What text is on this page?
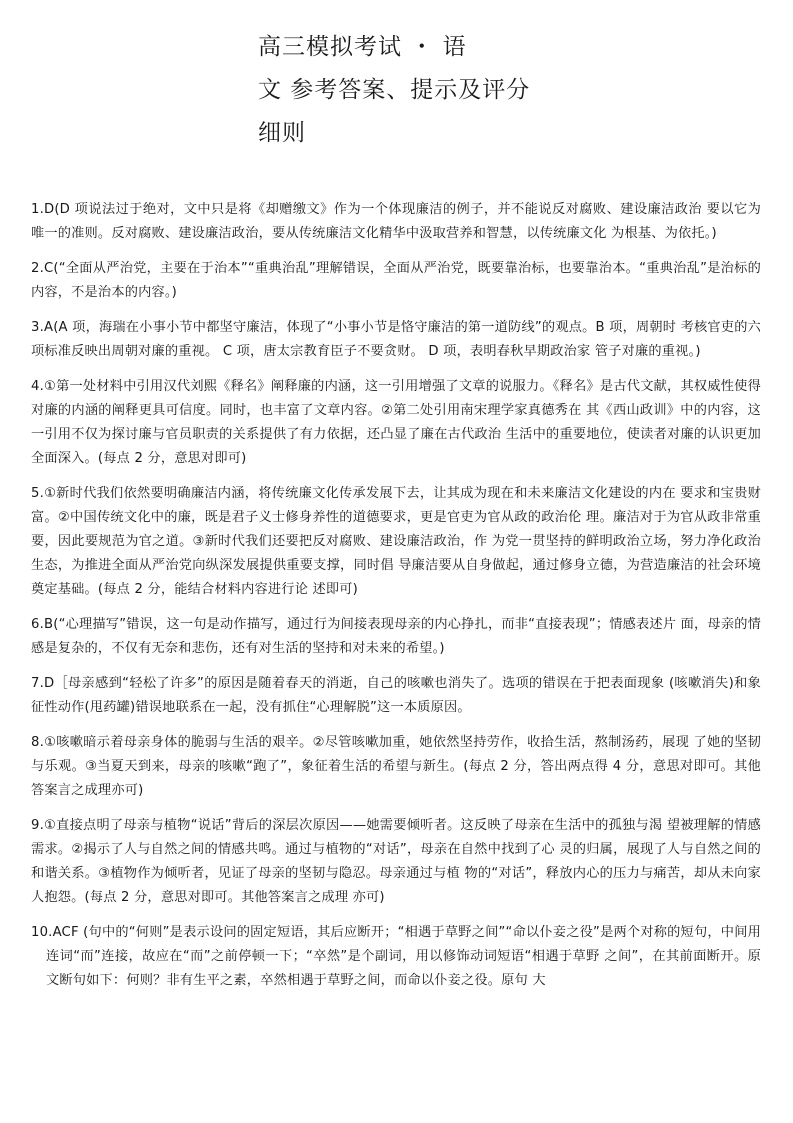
高三模拟考试 ・ 语
文 参考答案、提示及评分
细则

1.D(D 项说法过于绝对，文中只是将《却赠缴文》作为一个体现廉洁的例子，并不能说反对腐败、建设廉洁政治 要以它为唯一的准则。反对腐败、建设廉洁政治，要从传统廉洁文化精华中汲取营养和智慧，以传统廉文化 为根基、为依托。)

2.C(“全面从严治党，主要在于治本”“重典治乱”理解错误，全面从严治党，既要靠治标，也要靠治本。“重典治乱”是治标的内容，不是治本的内容。)

3.A(A 项，海瑞在小事小节中都坚守廉洁，体现了“小事小节是恪守廉洁的第一道防线”的观点。B 项，周朝时 考核官吏的六项标准反映出周朝对廉的重视。 C 项，唐太宗教育臣子不要贪财。 D 项，表明春秋早期政治家 管子对廉的重视。)

4.①第一处材料中引用汉代刘熙《释名》阐释廉的内涵，这一引用增强了文章的说服力。《释名》是古代文献，其权威性使得对廉的内涵的阐释更具可信度。同时，也丰富了文章内容。②第二处引用南宋理学家真德秀在 其《西山政训》中的内容，这一引用不仅为探讨廉与官员职责的关系提供了有力依据，还凸显了廉在古代政治 生活中的重要地位，使读者对廉的认识更加全面深入。(每点 2 分，意思对即可)

5.①新时代我们依然要明确廉洁内涵，将传统廉文化传承发展下去，让其成为现在和未来廉洁文化建设的内在 要求和宝贵财富。②中国传统文化中的廉，既是君子义士修身养性的道德要求，更是官吏为官从政的政治伦 理。廉洁对于为官从政非常重要，因此要规范为官之道。③新时代我们还要把反对腐败、建设廉洁政治，作 为党一贯坚持的鲜明政治立场，努力净化政治生态，为推进全面从严治党向纵深发展提供重要支撑，同时倡 导廉洁要从自身做起，通过修身立德，为营造廉洁的社会环境奠定基础。(每点 2 分，能结合材料内容进行论 述即可)

6.B(“心理描写”错误，这一句是动作描写，通过行为间接表现母亲的内心挣扎，而非“直接表现”；情感表述片 面，母亲的情感是复杂的，不仅有无奈和悲伤，还有对生活的坚持和对未来的希望。)

7.D［母亲感到“轻松了许多”的原因是随着春天的消逝，自己的咳嗽也消失了。选项的错误在于把表面现象 (咳嗽消失)和象征性动作(甩药罐)错误地联系在一起，没有抓住“心理解脱”这一本质原因。

8.①咳嗽暗示着母亲身体的脆弱与生活的艰辛。②尽管咳嗽加重，她依然坚持劳作，收拾生活，熬制汤药，展现 了她的坚韧与乐观。③当夏天到来，母亲的咳嗽“跑了”，象征着生活的希望与新生。(每点 2 分，答出两点得 4 分，意思对即可。其他答案言之成理亦可)

9.①直接点明了母亲与植物“说话”背后的深层次原因——她需要倾听者。这反映了母亲在生活中的孤独与渴 望被理解的情感需求。②揭示了人与自然之间的情感共鸣。通过与植物的“对话”，母亲在自然中找到了心 灵的归属，展现了人与自然之间的和谐关系。③植物作为倾听者，见证了母亲的坚韧与隐忍。母亲通过与植 物的“对话”，释放内心的压力与痛苦，却从未向家人抱怨。(每点 2 分，意思对即可。其他答案言之成理 亦可)

10.ACF (句中的“何则”是表示设问的固定短语，其后应断开；“相遇于草野之间”“命以仆妾之役”是两个对称的短句，中间用连词“而”连接，故应在“而”之前停顿一下；“卒然”是个副词，用以修饰动词短语“相遇于草野 之间”，在其前面断开。原文断句如下：何则？非有生平之素，卒然相遇于草野之间，而命以仆妾之役。原句 大
